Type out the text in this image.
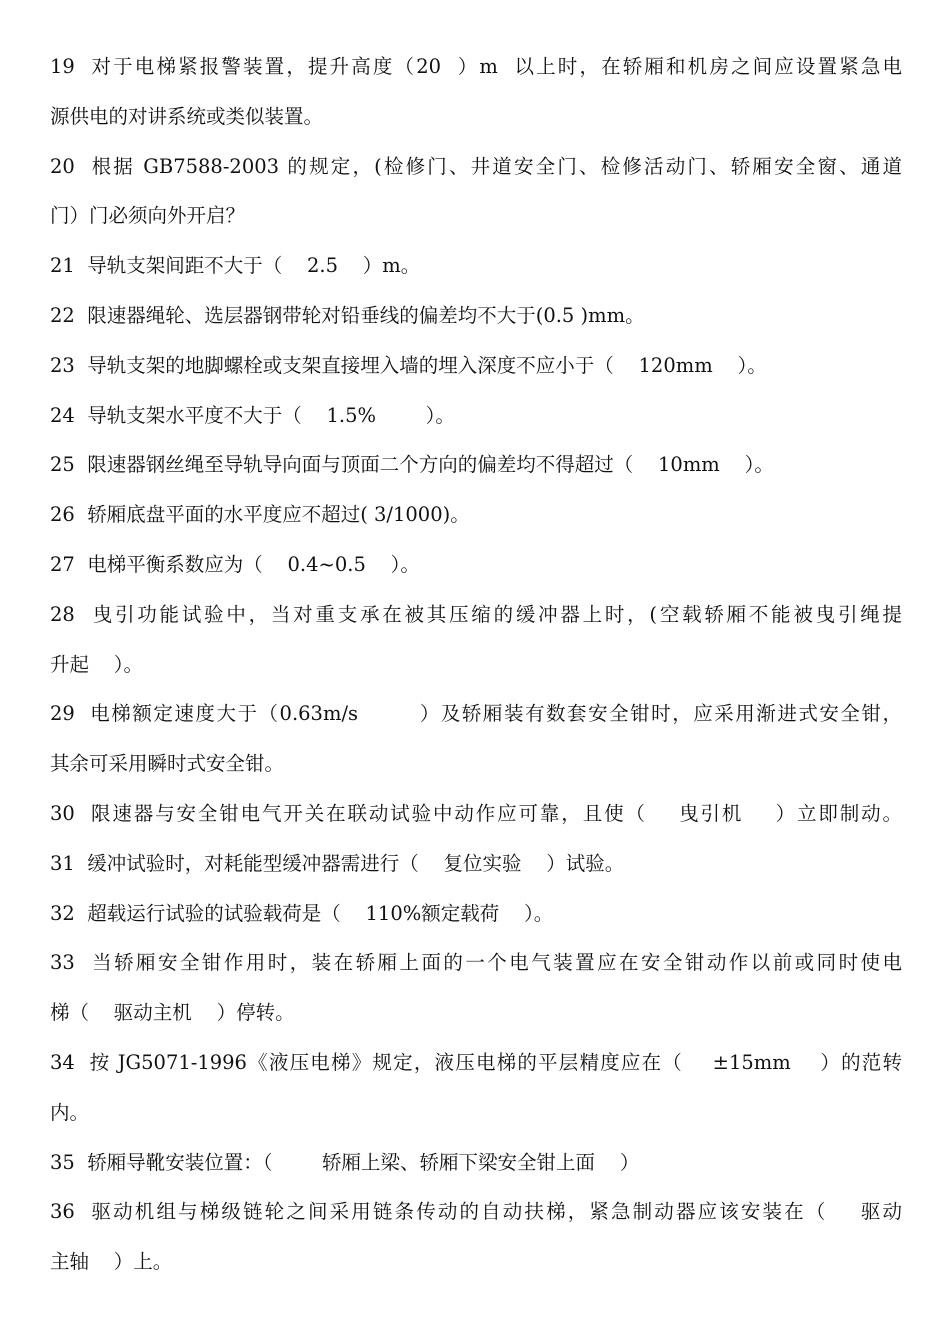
19  对于电梯紧报警装置，提升高度（20  ）m  以上时，在轿厢和机房之间应设置紧急电
源供电的对讲系统或类似装置。
20  根据 GB7588-2003 的规定，(检修门、井道安全门、检修活动门、轿厢安全窗、通道
门）门必须向外开启？
21  导轨支架间距不大于（    2.5    ）m。
22  限速器绳轮、选层器钢带轮对铅垂线的偏差均不大于(0.5 )mm。
23  导轨支架的地脚螺栓或支架直接埋入墙的埋入深度不应小于（    120mm    ）。
24  导轨支架水平度不大于（    1.5%        ）。
25  限速器钢丝绳至导轨导向面与顶面二个方向的偏差均不得超过（    10mm    ）。
26  轿厢底盘平面的水平度应不超过( 3/1000)。
27  电梯平衡系数应为（    0.4~0.5    ）。
28  曳引功能试验中，当对重支承在被其压缩的缓冲器上时，(空载轿厢不能被曳引绳提
升起    ）。
29  电梯额定速度大于（0.63m/s        ）及轿厢装有数套安全钳时，应采用渐进式安全钳，
其余可采用瞬时式安全钳。
30  限速器与安全钳电气开关在联动试验中动作应可靠，且使（    曳引机    ）立即制动。
31  缓冲试验时，对耗能型缓冲器需进行（    复位实验    ）试验。
32  超载运行试验的试验载荷是（    110%额定载荷    ）。
33  当轿厢安全钳作用时，装在轿厢上面的一个电气装置应在安全钳动作以前或同时使电
梯（    驱动主机    ）停转。
34  按 JG5071-1996《液压电梯》规定，液压电梯的平层精度应在（    ±15mm    ）的范转
内。
35  轿厢导靴安装位置：（        轿厢上梁、轿厢下梁安全钳上面    ）
36  驱动机组与梯级链轮之间采用链条传动的自动扶梯，紧急制动器应该安装在（    驱动
主轴    ）上。
